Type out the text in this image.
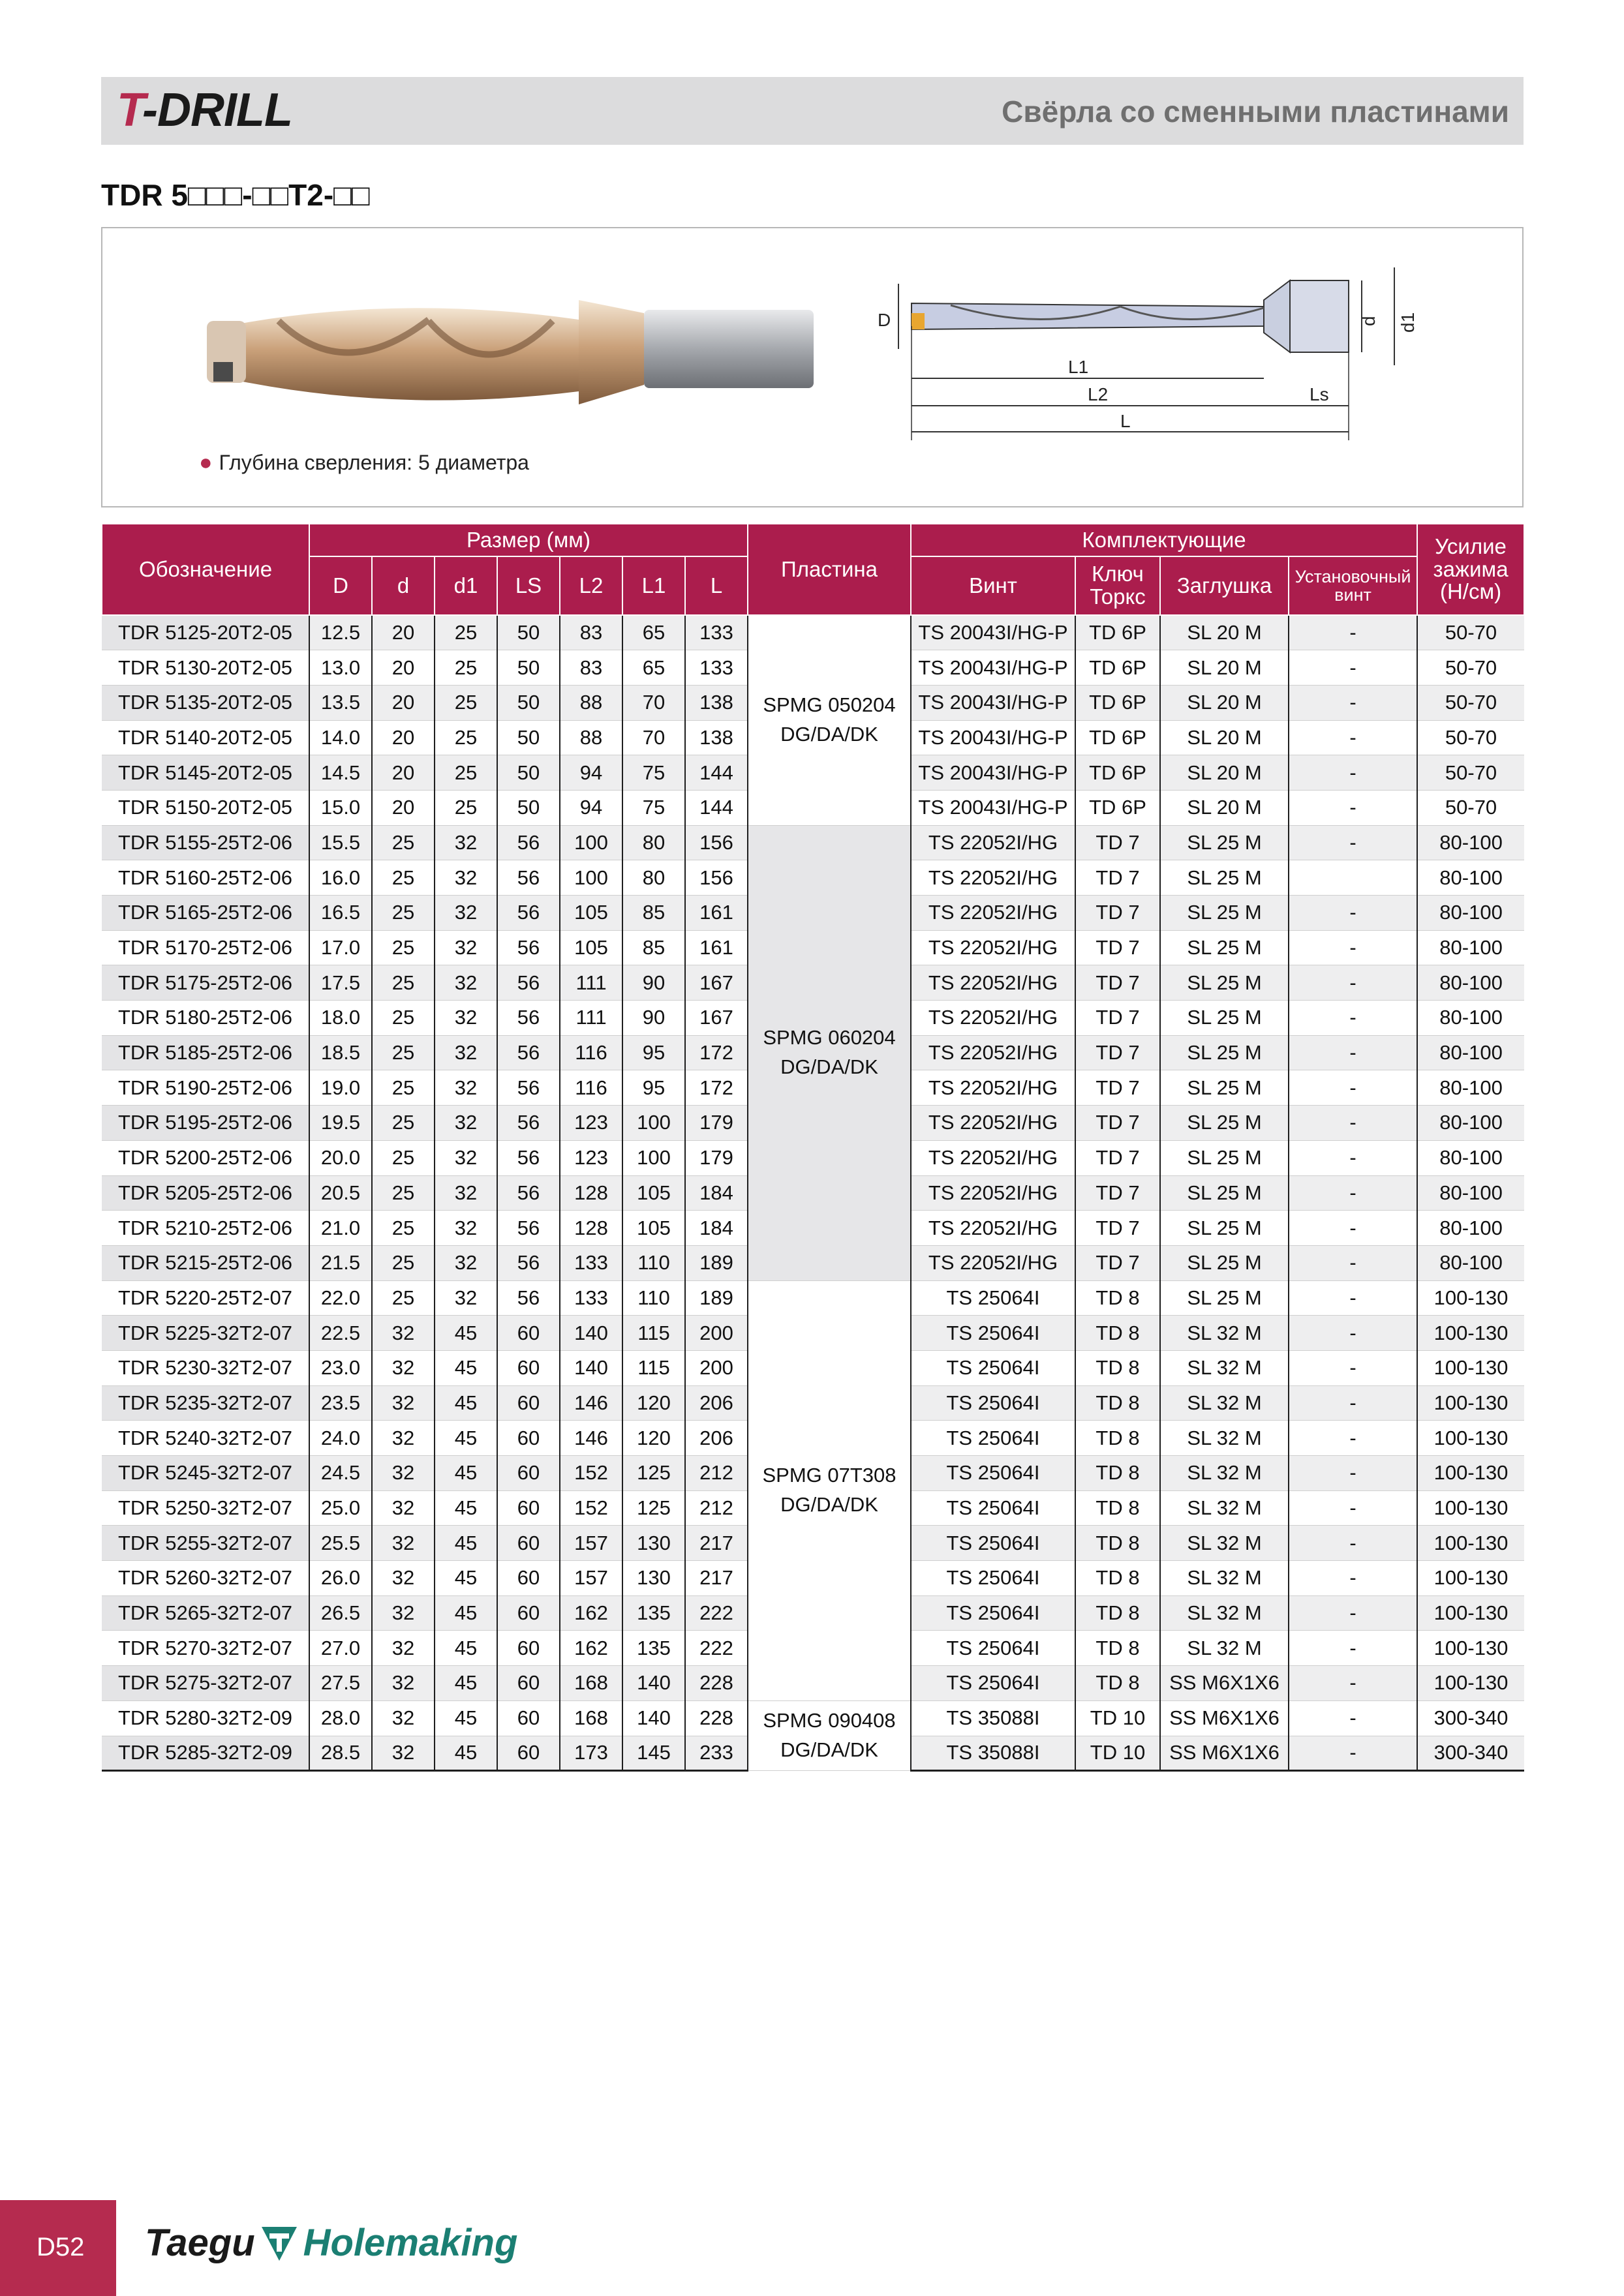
T-DRILL	Свёрла со сменными пластинами
TDR 5□□□-□□T2-□□
D	d d1
L1
L2	Ls
L
● Глубина сверления: 5 диаметра
Обозначение	Размер (мм)							Пластина	Комплектующие				Усилие зажима (Н/см)
	D	d	d1	LS	L2	L1	L		Винт	Ключ Торкс	Заглушка	Установочный винт	
TDR 5125-20T2-05	12.5	20	25	50	83	65	133	SPMG 050204 DG/DA/DK	TS 20043I/HG-P	TD 6P	SL 20 M	-	50-70
TDR 5130-20T2-05	13.0	20	25	50	83	65	133		TS 20043I/HG-P	TD 6P	SL 20 M	-	50-70
TDR 5135-20T2-05	13.5	20	25	50	88	70	138		TS 20043I/HG-P	TD 6P	SL 20 M	-	50-70
TDR 5140-20T2-05	14.0	20	25	50	88	70	138		TS 20043I/HG-P	TD 6P	SL 20 M	-	50-70
TDR 5145-20T2-05	14.5	20	25	50	94	75	144		TS 20043I/HG-P	TD 6P	SL 20 M	-	50-70
TDR 5150-20T2-05	15.0	20	25	50	94	75	144		TS 20043I/HG-P	TD 6P	SL 20 M	-	50-70
TDR 5155-25T2-06	15.5	25	32	56	100	80	156	SPMG 060204 DG/DA/DK	TS 22052I/HG	TD 7	SL 25 M	-	80-100
TDR 5160-25T2-06	16.0	25	32	56	100	80	156		TS 22052I/HG	TD 7	SL 25 M		80-100
TDR 5165-25T2-06	16.5	25	32	56	105	85	161		TS 22052I/HG	TD 7	SL 25 M	-	80-100
TDR 5170-25T2-06	17.0	25	32	56	105	85	161		TS 22052I/HG	TD 7	SL 25 M	-	80-100
TDR 5175-25T2-06	17.5	25	32	56	111	90	167		TS 22052I/HG	TD 7	SL 25 M	-	80-100
TDR 5180-25T2-06	18.0	25	32	56	111	90	167		TS 22052I/HG	TD 7	SL 25 M	-	80-100
TDR 5185-25T2-06	18.5	25	32	56	116	95	172		TS 22052I/HG	TD 7	SL 25 M	-	80-100
TDR 5190-25T2-06	19.0	25	32	56	116	95	172		TS 22052I/HG	TD 7	SL 25 M	-	80-100
TDR 5195-25T2-06	19.5	25	32	56	123	100	179		TS 22052I/HG	TD 7	SL 25 M	-	80-100
TDR 5200-25T2-06	20.0	25	32	56	123	100	179		TS 22052I/HG	TD 7	SL 25 M	-	80-100
TDR 5205-25T2-06	20.5	25	32	56	128	105	184		TS 22052I/HG	TD 7	SL 25 M	-	80-100
TDR 5210-25T2-06	21.0	25	32	56	128	105	184		TS 22052I/HG	TD 7	SL 25 M	-	80-100
TDR 5215-25T2-06	21.5	25	32	56	133	110	189		TS 22052I/HG	TD 7	SL 25 M	-	80-100
TDR 5220-25T2-07	22.0	25	32	56	133	110	189	SPMG 07T308 DG/DA/DK	TS 25064I	TD 8	SL 25 M	-	100-130
TDR 5225-32T2-07	22.5	32	45	60	140	115	200		TS 25064I	TD 8	SL 32 M	-	100-130
TDR 5230-32T2-07	23.0	32	45	60	140	115	200		TS 25064I	TD 8	SL 32 M	-	100-130
TDR 5235-32T2-07	23.5	32	45	60	146	120	206		TS 25064I	TD 8	SL 32 M	-	100-130
TDR 5240-32T2-07	24.0	32	45	60	146	120	206		TS 25064I	TD 8	SL 32 M	-	100-130
TDR 5245-32T2-07	24.5	32	45	60	152	125	212		TS 25064I	TD 8	SL 32 M	-	100-130
TDR 5250-32T2-07	25.0	32	45	60	152	125	212		TS 25064I	TD 8	SL 32 M	-	100-130
TDR 5255-32T2-07	25.5	32	45	60	157	130	217		TS 25064I	TD 8	SL 32 M	-	100-130
TDR 5260-32T2-07	26.0	32	45	60	157	130	217		TS 25064I	TD 8	SL 32 M	-	100-130
TDR 5265-32T2-07	26.5	32	45	60	162	135	222		TS 25064I	TD 8	SL 32 M	-	100-130
TDR 5270-32T2-07	27.0	32	45	60	162	135	222		TS 25064I	TD 8	SL 32 M	-	100-130
TDR 5275-32T2-07	27.5	32	45	60	168	140	228		TS 25064I	TD 8	SS M6X1X6	-	100-130
TDR 5280-32T2-09	28.0	32	45	60	168	140	228	SPMG 090408 DG/DA/DK	TS 35088I	TD 10	SS M6X1X6	-	300-340
TDR 5285-32T2-09	28.5	32	45	60	173	145	233		TS 35088I	TD 10	SS M6X1X6	-	300-340
D52 Taegu Holemaking
